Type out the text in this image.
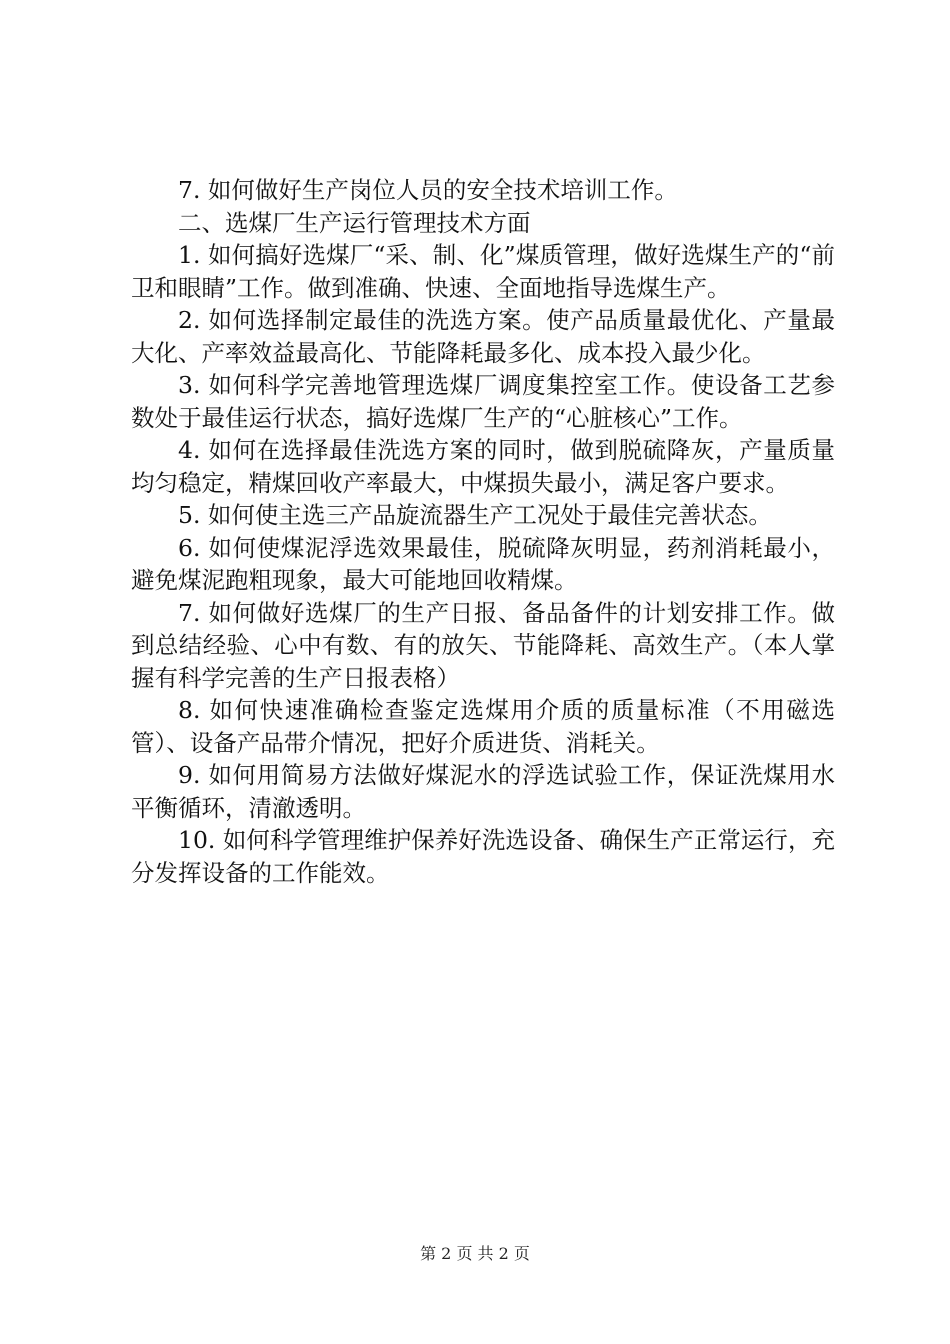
7. 如何做好生产岗位人员的安全技术培训工作。

二、选煤厂生产运行管理技术方面

1. 如何搞好选煤厂“采、制、化”煤质管理，做好选煤生产的“前卫和眼睛”工作。做到准确、快速、全面地指导选煤生产。

2. 如何选择制定最佳的洗选方案。使产品质量最优化、产量最大化、产率效益最高化、节能降耗最多化、成本投入最少化。

3. 如何科学完善地管理选煤厂调度集控室工作。使设备工艺参数处于最佳运行状态，搞好选煤厂生产的“心脏核心”工作。

4. 如何在选择最佳洗选方案的同时，做到脱硫降灰，产量质量均匀稳定，精煤回收产率最大，中煤损失最小，满足客户要求。

5. 如何使主选三产品旋流器生产工况处于最佳完善状态。

6. 如何使煤泥浮选效果最佳，脱硫降灰明显，药剂消耗最小，避免煤泥跑粗现象，最大可能地回收精煤。

7. 如何做好选煤厂的生产日报、备品备件的计划安排工作。做到总结经验、心中有数、有的放矢、节能降耗、高效生产。（本人掌握有科学完善的生产日报表格）

8. 如何快速准确检查鉴定选煤用介质的质量标准（不用磁选管）、设备产品带介情况，把好介质进货、消耗关。

9. 如何用简易方法做好煤泥水的浮选试验工作，保证洗煤用水平衡循环，清澈透明。

10. 如何科学管理维护保养好洗选设备、确保生产正常运行，充分发挥设备的工作能效。

第 2 页 共 2 页
